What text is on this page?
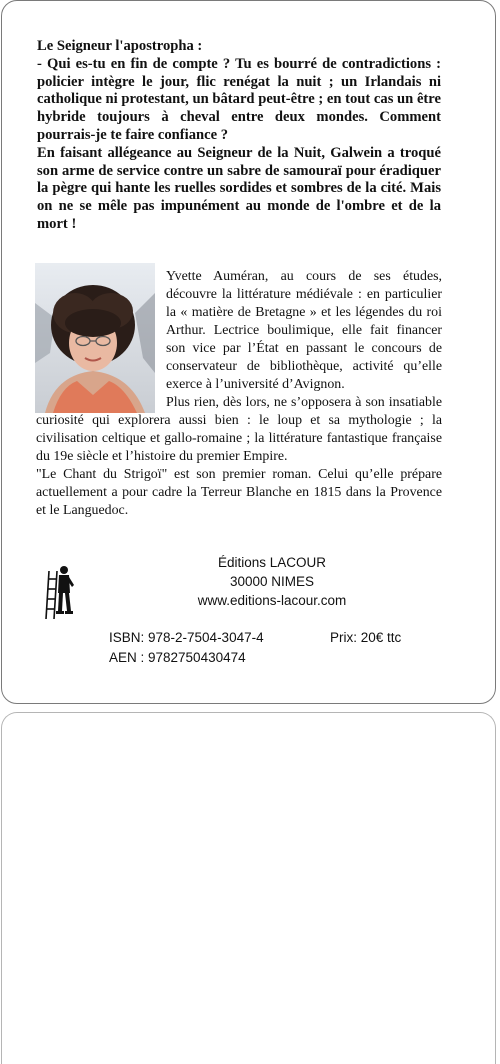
Le Seigneur l'apostropha :

- Qui es-tu en fin de compte ? Tu es bourré de contradictions : policier intègre le jour, flic renégat la nuit ; un Irlandais ni catholique ni protestant, un bâtard peut-être ; en tout cas un être hybride toujours à cheval entre deux mondes. Comment pourrais-je te faire confiance ?

En faisant allégeance au Seigneur de la Nuit, Galwein a troqué son arme de service contre un sabre de samouraï pour éradiquer la pègre qui hante les ruelles sordides et sombres de la cité. Mais on ne se mêle pas impunément au monde de l'ombre et de la mort !

Yvette Auméran, au cours de ses études, découvre la littérature médiévale : en particulier la « matière de Bretagne » et les légendes du roi Arthur. Lectrice boulimique, elle fait financer son vice par l’État en passant le concours de conservateur de bibliothèque, activité qu’elle exerce à l’université d’Avignon.

Plus rien, dès lors, ne s’opposera à son insatiable curiosité qui explorera aussi bien : le loup et sa mythologie ; la civilisation celtique et gallo-romaine ; la littérature fantastique française du 19e siècle et l’histoire du premier Empire.

"Le Chant du Strigoï" est son premier roman. Celui qu’elle prépare actuellement a pour cadre la Terreur Blanche en 1815 dans la Provence et le Languedoc.

Éditions LACOUR
30000 NIMES
www.editions-lacour.com
ISBN: 978-2-7504-3047-4	Prix: 20€ ttc
AEN : 9782750430474
